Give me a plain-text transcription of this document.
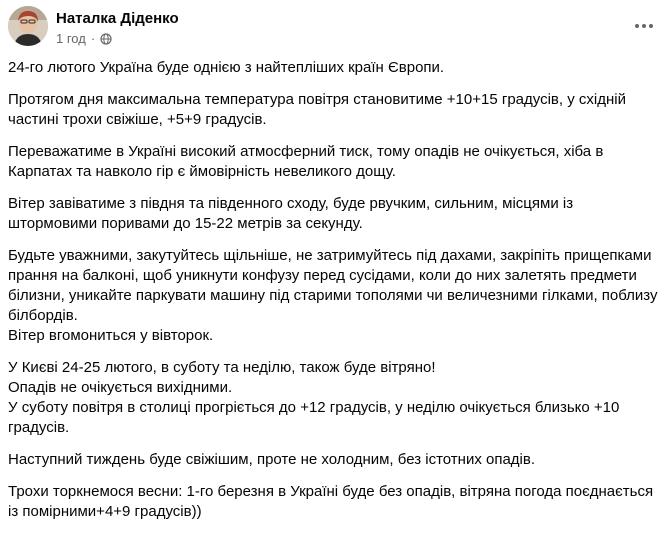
Наталка Діденко
1 год ·
24-го лютого Україна буде однією з найтепліших країн Європи.
Протягом дня максимальна температура повітря становитиме +10+15 градусів, у східній частині трохи свіжіше, +5+9 градусів.
Переважатиме в Україні високий атмосферний тиск, тому опадів не очікується, хіба в Карпатах та навколо гір є ймовірність невеликого дощу.
Вітер завіватиме з півдня та південного сходу, буде рвучким, сильним, місцями із штормовими поривами до 15-22 метрів за секунду.
Будьте уважними, закутуйтесь щільніше, не затримуйтесь під дахами, закріпіть прищепками прання на балконі, щоб уникнути конфузу перед сусідами, коли до них залетять предмети білизни, уникайте паркувати машину під старими тополями чи величезними гілками, поблизу білбордів.
Вітер вгомониться у вівторок.
У Києві 24-25 лютого, в суботу та неділю, також буде вітряно!
Опадів не очікується вихідними.
У суботу повітря в столиці прогріється до +12 градусів, у неділю очікується близько +10 градусів.
Наступний тиждень буде свіжішим, проте не холодним, без істотних опадів.
Трохи торкнемося весни: 1-го березня в Україні буде без опадів, вітряна погода поєднається із помірними+4+9 градусів))
